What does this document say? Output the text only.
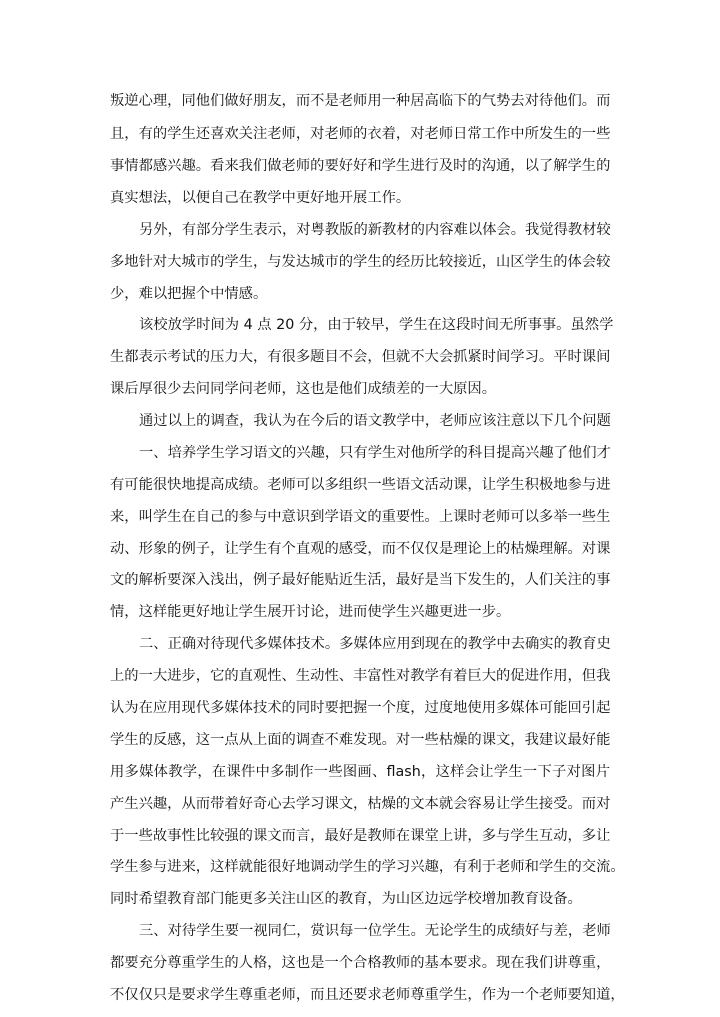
叛逆心理，同他们做好朋友，而不是老师用一种居高临下的气势去对待他们。而
且，有的学生还喜欢关注老师，对老师的衣着，对老师日常工作中所发生的一些
事情都感兴趣。看来我们做老师的要好好和学生进行及时的沟通，以了解学生的
真实想法，以便自己在教学中更好地开展工作。
另外，有部分学生表示，对粤教版的新教材的内容难以体会。我觉得教材较
多地针对大城市的学生，与发达城市的学生的经历比较接近，山区学生的体会较
少，难以把握个中情感。
该校放学时间为 4 点 20 分，由于较早，学生在这段时间无所事事。虽然学
生都表示考试的压力大，有很多题目不会，但就不大会抓紧时间学习。平时课间
课后厚很少去问同学问老师，这也是他们成绩差的一大原因。
通过以上的调查，我认为在今后的语文教学中，老师应该注意以下几个问题
一、培养学生学习语文的兴趣，只有学生对他所学的科目提高兴趣了他们才
有可能很快地提高成绩。老师可以多组织一些语文活动课，让学生积极地参与进
来，叫学生在自己的参与中意识到学语文的重要性。上课时老师可以多举一些生
动、形象的例子，让学生有个直观的感受，而不仅仅是理论上的枯燥理解。对课
文的解析要深入浅出，例子最好能贴近生活，最好是当下发生的，人们关注的事
情，这样能更好地让学生展开讨论，进而使学生兴趣更进一步。
二、正确对待现代多媒体技术。多媒体应用到现在的教学中去确实的教育史
上的一大进步，它的直观性、生动性、丰富性对教学有着巨大的促进作用，但我
认为在应用现代多媒体技术的同时要把握一个度，过度地使用多媒体可能回引起
学生的反感，这一点从上面的调查不难发现。对一些枯燥的课文，我建议最好能
用多媒体教学，在课件中多制作一些图画、flash，这样会让学生一下子对图片
产生兴趣，从而带着好奇心去学习课文，枯燥的文本就会容易让学生接受。而对
于一些故事性比较强的课文而言，最好是教师在课堂上讲，多与学生互动，多让
学生参与进来，这样就能很好地调动学生的学习兴趣，有利于老师和学生的交流。
同时希望教育部门能更多关注山区的教育，为山区边远学校增加教育设备。
三、对待学生要一视同仁，赏识每一位学生。无论学生的成绩好与差，老师
都要充分尊重学生的人格，这也是一个合格教师的基本要求。现在我们讲尊重，
不仅仅只是要求学生尊重老师，而且还要求老师尊重学生，作为一个老师要知道，
